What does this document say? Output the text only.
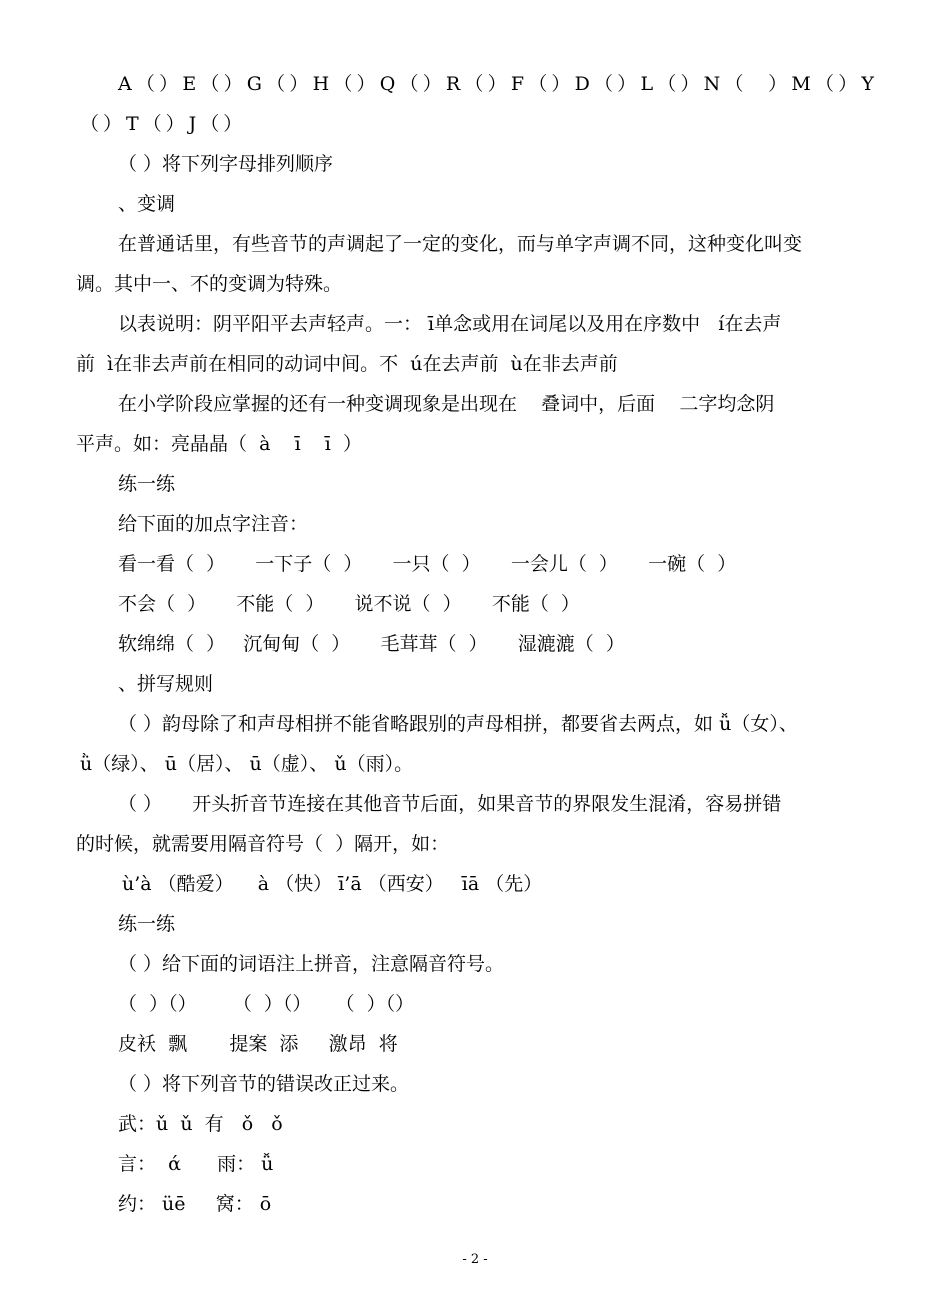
A（）E（）G（）H（）Q（）R（）F（）D（）L（）N（  ）M（）Y
（）T（）J（）
（ ）将下列字母排列顺序
、变调
在普通话里，有些音节的声调起了一定的变化，而与单字声调不同，这种变化叫变
调。其中一、不的变调为特殊。
以表说明：阴平阳平去声轻声。一： ī单念或用在词尾以及用在序数中   í在去声
前  ì在非去声前在相同的动词中间。不  ú在去声前  ù在非去声前
在小学阶段应掌握的还有一种变调现象是出现在    叠词中，后面    二字均念阴
平声。如：亮晶晶（  à    ī    ī  ）
练一练
给下面的加点字注音：
看一看（  ）     一下子（  ）     一只（  ）     一会儿（  ）     一碗（  ）
不会（  ）     不能（  ）     说不说（  ）     不能（  ）
软绵绵（  ）   沉甸甸（  ）     毛茸茸（  ）     湿漉漉（  ）
、拼写规则
（ ）韵母除了和声母相拼不能省略跟别的声母相拼，都要省去两点，如 ǚ（女）、
ǜ（绿）、 ū（居）、 ū（虚）、 ǔ（雨）。
（ ）     开头折音节连接在其他音节后面，如果音节的界限发生混淆，容易拼错
的时候，就需要用隔音符号（  ）隔开，如：
ù’à （酷爱）    à （快） ī’ā （西安）   īā （先）
练一练
（ ）给下面的词语注上拼音，注意隔音符号。
（  ）（）      （  ）（）    （  ）（）
皮袄  飘       提案  添     激昂  将
（ ）将下列音节的错误改正过来。
武：ǔ  ǔ  有   ǒ   ǒ
言：  ά      雨： ǚ
约： üē     窝： ō
- 2 -
